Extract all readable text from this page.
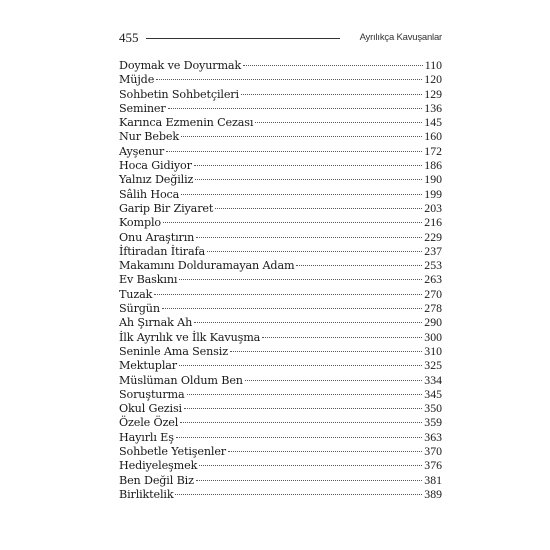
455	Ayrılıkça Kavuşanlar
Doymak ve Doyurmak	110
Müjde	120
Sohbetin Sohbetçileri	129
Seminer	136
Karınca Ezmenin Cezası	145
Nur Bebek	160
Ayşenur	172
Hoca Gidiyor	186
Yalnız Değiliz	190
Sâlih Hoca	199
Garip Bir Ziyaret	203
Komplo	216
Onu Araştırın	229
İftiradan İtirafa	237
Makamını Dolduramayan Adam	253
Ev Baskını	263
Tuzak	270
Sürgün	278
Ah Şırnak Ah	290
İlk Ayrılık ve İlk Kavuşma	300
Seninle Ama Sensiz	310
Mektuplar	325
Müslüman Oldum Ben	334
Soruşturma	345
Okul Gezisi	350
Özele Özel	359
Hayırlı Eş	363
Sohbetle Yetişenler	370
Hediyeleşmek	376
Ben Değil Biz	381
Birliktelik	389
